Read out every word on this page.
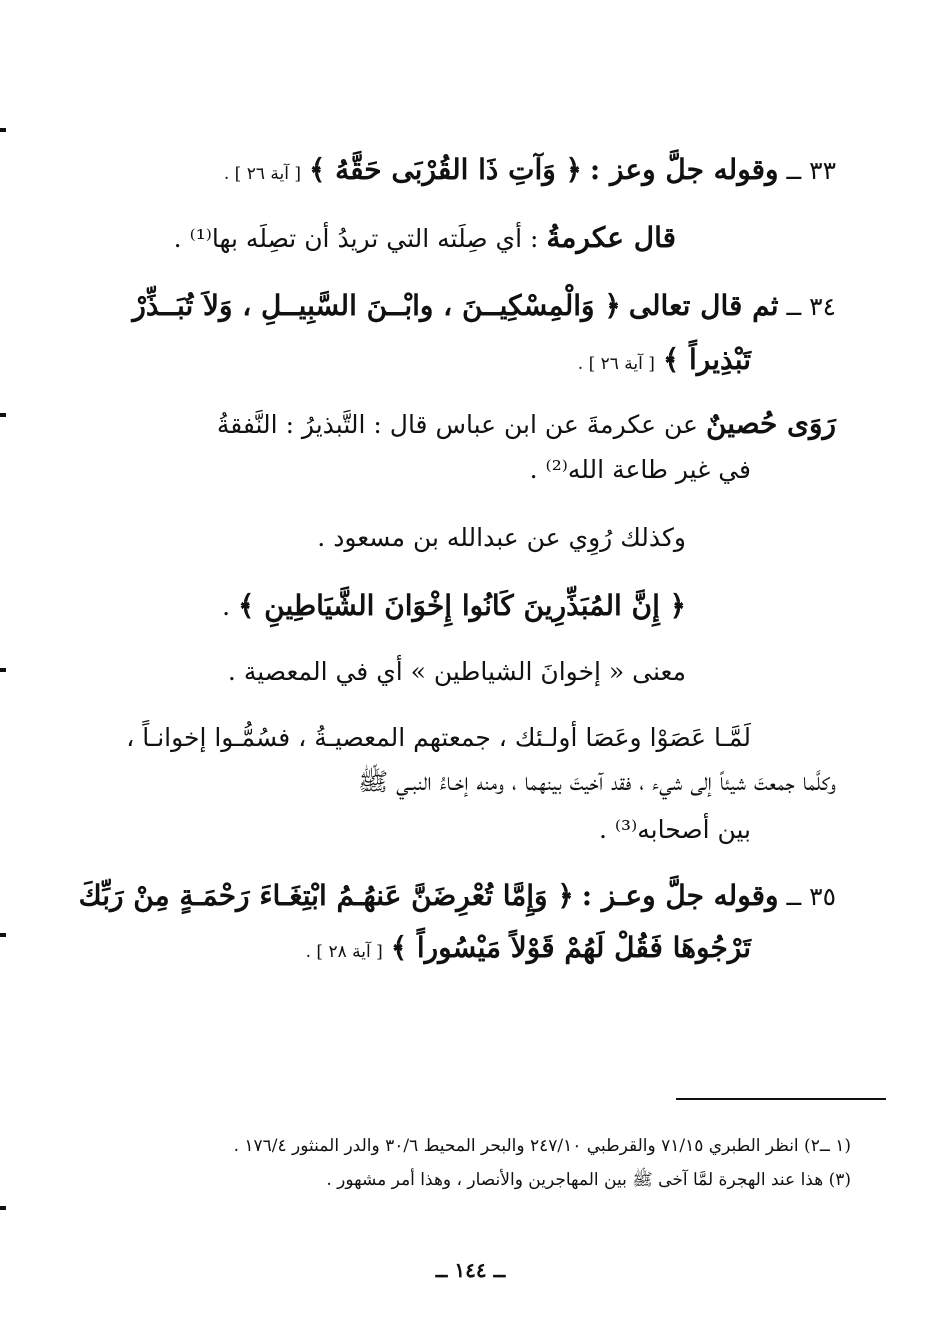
٣٣ ــ وقوله جلَّ وعز : ﴿ وَآتِ ذَا القُرْبَى حَقَّهُ ﴾ [ آية ٢٦ ] .
قال عكرمةُ : أي صِلَته التي تريدُ أن تصِلَه بها⁽¹⁾ .
٣٤ ــ ثم قال تعالى ﴿ وَالْمِسْكِيــنَ ، وابْــنَ السَّبِيــلِ ، وَلاَ تُبَــذِّرْ
تَبْذِيراً ﴾ [ آية ٢٦ ] .
رَوَى حُصينٌ عن عكرمةَ عن ابن عباس قال : التَّبذيرُ : النَّفقةُ
في غير طاعة الله⁽²⁾ .
وكذلك رُوِي عن عبدالله بن مسعود .
﴿ إِنَّ المُبَذِّرِينَ كَانُوا إِخْوَانَ الشَّيَاطِينِ ﴾ .
معنى « إخوانَ الشياطين » أي في المعصية .
لَمَّـا عَصَوْا وعَصَا أولـئك ، جمعتهم المعصيـةُ ، فسُمُّـوا إخوانـاً ،
وكلَّما جمعتَ شيئاً إلى شيء ، فقد آخيتَ بينهما ، ومنه إخـاءُ النبـي ﷺ
بين أصحابه⁽³⁾ .
٣٥ ــ وقوله جلَّ وعـز : ﴿ وَإِمَّا تُعْرِضَنَّ عَنهُـمُ ابْتِغَـاءَ رَحْمَـةٍ مِنْ رَبِّكَ
تَرْجُوهَا فَقُلْ لَهُمْ قَوْلاً مَيْسُوراً ﴾ [ آية ٢٨ ] .
(١ ــ٢) انظر الطبري ٧١/١٥ والقرطبي ٢٤٧/١٠ والبحر المحيط ٣٠/٦ والدر المنثور ١٧٦/٤ .
(٣) هذا عند الهجرة لمَّا آخى ﷺ بين المهاجرين والأنصار ، وهذا أمر مشهور .
ــ ١٤٤ ــ
